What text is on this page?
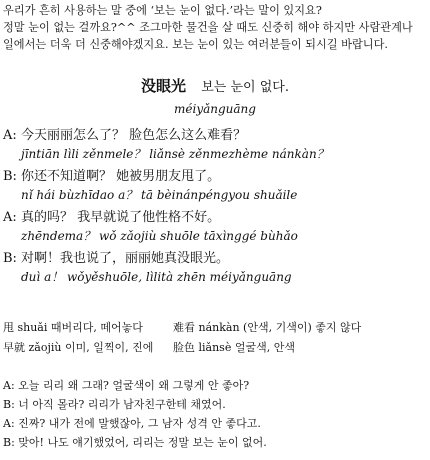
우리가 흔히 사용하는 말 중에 ‘보는 눈이 없다.’라는 말이 있지요?
정말 눈이 없는 걸까요?^^ 조그마한 물건을 살 때도 신중히 해야 하지만 사람관계나
일에서는 더욱 더 신중해야겠지요. 보는 눈이 있는 여러분들이 되시길 바랍니다.
没眼光 보는 눈이 없다.
méiyǎnguāng
A: 今天丽丽怎么了？ 脸色怎么这么难看？
jīntiān lìli zěnmele？ liǎnsè zěnmezhème nánkàn？
B: 你还不知道啊？ 她被男朋友甩了。
nǐ hái bùzhīdao a？ tā bèinánpéngyou shuǎile
A: 真的吗？ 我早就说了他性格不好。
zhēndema？ wǒ zǎojiù shuōle tāxìnggé bùhǎo
B: 对啊！我也说了，丽丽她真没眼光。
duì a！ wǒyěshuōle, lìlità zhēn méiyǎnguāng
甩 shuǎi 때버리다, 떼어놓다	难看 nánkàn (안색, 기색이) 좋지 않다
早就 zǎojiù 이미, 일찍이, 진에	脸色 liǎnsè 얼굴색, 안색
A: 오늘 리리 왜 그래? 얼굴색이 왜 그렇게 안 좋아?
B: 너 아직 몰라? 리리가 남자친구한테 채였어.
A: 진짜? 내가 전에 말했잖아, 그 남자 성격 안 좋다고.
B: 맞아! 나도 얘기했었어, 리리는 정말 보는 눈이 없어.
